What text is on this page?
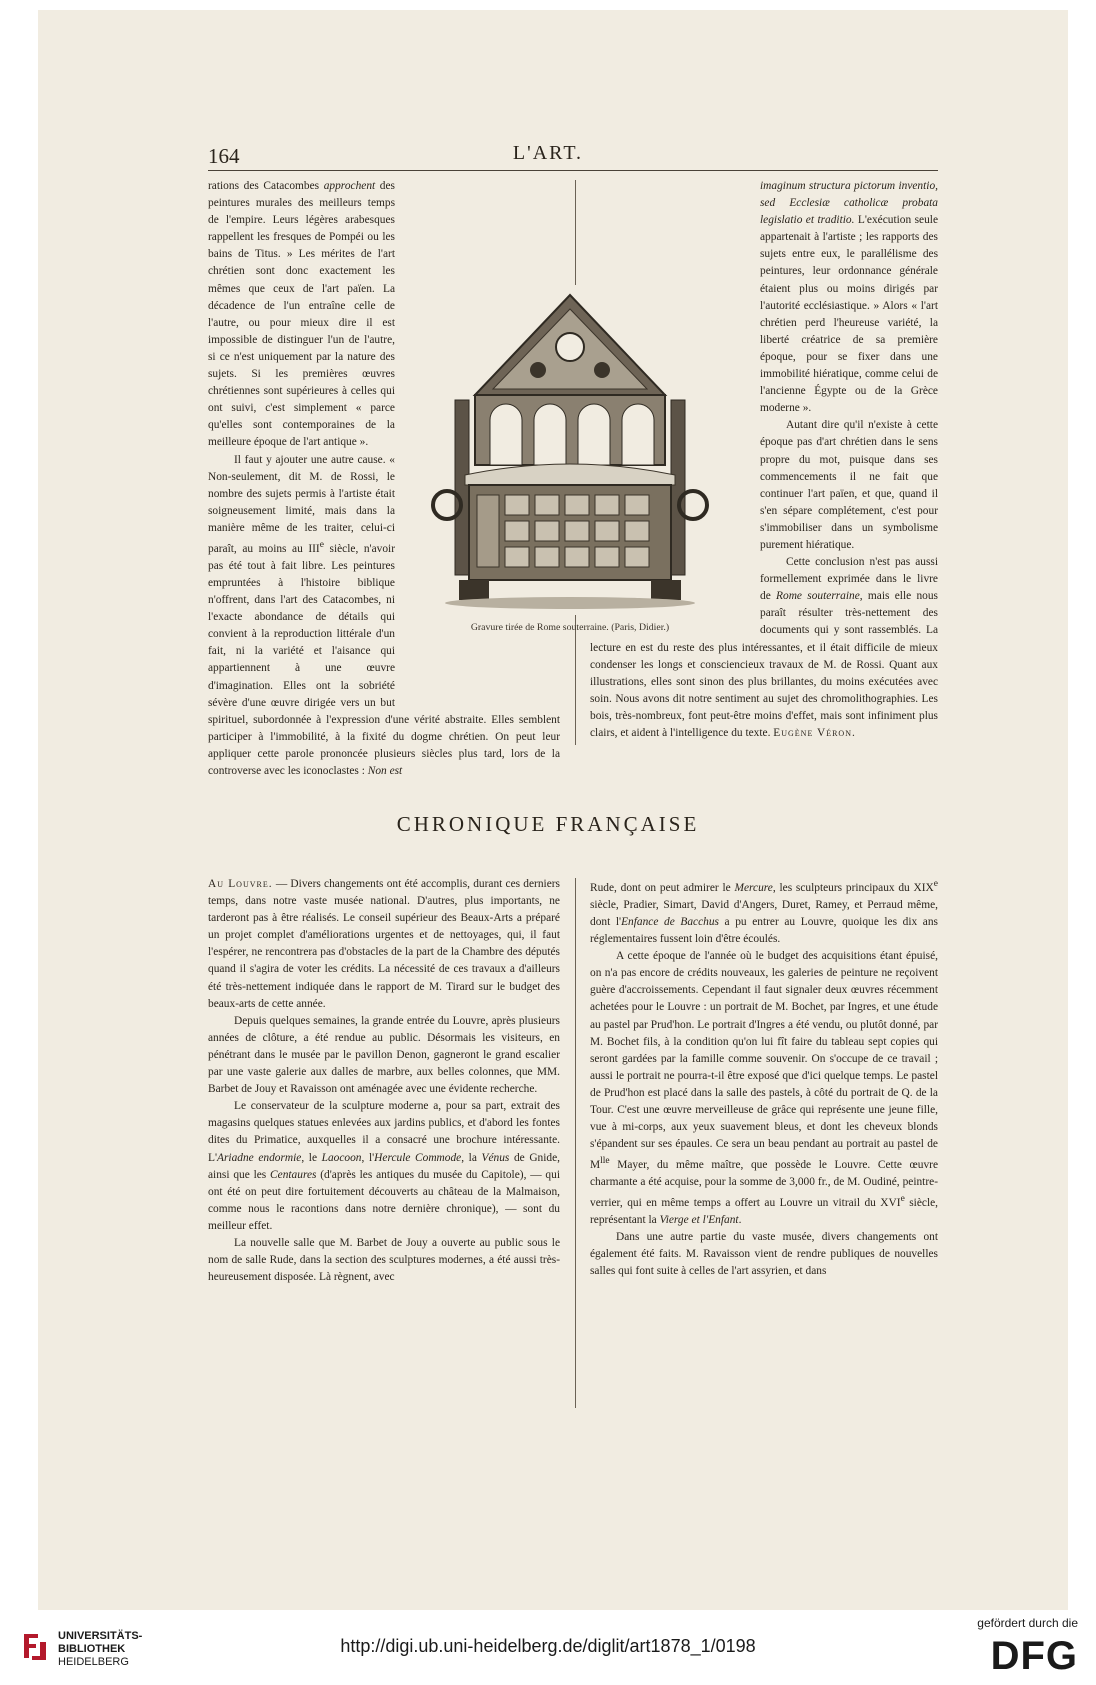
164	L'ART.

rations des Catacombes approchent des peintures murales des meilleurs temps de l'empire. Leurs légères arabesques rappellent les fresques de Pompéi ou les bains de Titus. » Les mérites de l'art chrétien sont donc exactement les mêmes que ceux de l'art païen. La décadence de l'un entraîne celle de l'autre, ou pour mieux dire il est impossible de distinguer l'un de l'autre, si ce n'est uniquement par la nature des sujets. Si les premières œuvres chrétiennes sont supérieures à celles qui ont suivi, c'est simplement « parce qu'elles sont contemporaines de la meilleure époque de l'art antique ».

Il faut y ajouter une autre cause. « Non-seulement, dit M. de Rossi, le nombre des sujets permis à l'artiste était soigneusement limité, mais dans la manière même de les traiter, celui-ci paraît, au moins au IIIe siècle, n'avoir pas été tout à fait libre. Les peintures empruntées à l'histoire biblique n'offrent, dans l'art des Catacombes, ni l'exacte abondance de détails qui convient à la reproduction littérale d'un fait, ni la variété et l'aisance qui appartiennent à une œuvre d'imagination. Elles ont la sobriété sévère d'une œuvre dirigée vers un but spirituel, subordonnée à l'expression d'une vérité abstraite. Elles semblent participer à l'immobilité, à la fixité du dogme chrétien. On peut leur appliquer cette parole prononcée plusieurs siècles plus tard, lors de la controverse avec les iconoclastes : Non est

imaginum structura pictorum inventio, sed Ecclesiæ catholicæ probata legislatio et traditio. L'exécution seule appartenait à l'artiste ; les rapports des sujets entre eux, le parallélisme des peintures, leur ordonnance générale étaient plus ou moins dirigés par l'autorité ecclésiastique. » Alors « l'art chrétien perd l'heureuse variété, la liberté créatrice de sa première époque, pour se fixer dans une immobilité hiératique, comme celui de l'ancienne Égypte ou de la Grèce moderne ».

Autant dire qu'il n'existe à cette époque pas d'art chrétien dans le sens propre du mot, puisque dans ses commencements il ne fait que continuer l'art païen, et que, quand il s'en sépare complétement, c'est pour s'immobiliser dans un symbolisme purement hiératique.

Cette conclusion n'est pas aussi formellement exprimée dans le livre de Rome souterraine, mais elle nous paraît résulter très-nettement des documents qui y sont rassemblés. La lecture en est du reste des plus intéressantes, et il était difficile de mieux condenser les longs et consciencieux travaux de M. de Rossi. Quant aux illustrations, elles sont sinon des plus brillantes, du moins exécutées avec soin. Nous avons dit notre sentiment au sujet des chromolithographies. Les bois, très-nombreux, font peut-être moins d'effet, mais sont infiniment plus clairs, et aident à l'intelligence du texte. Eugène Véron.

Gravure tirée de Rome souterraine. (Paris, Didier.)
CHRONIQUE FRANÇAISE

Au Louvre. — Divers changements ont été accomplis, durant ces derniers temps, dans notre vaste musée national. D'autres, plus importants, ne tarderont pas à être réalisés. Le conseil supérieur des Beaux-Arts a préparé un projet complet d'améliorations urgentes et de nettoyages, qui, il faut l'espérer, ne rencontrera pas d'obstacles de la part de la Chambre des députés quand il s'agira de voter les crédits. La nécessité de ces travaux a d'ailleurs été très-nettement indiquée dans le rapport de M. Tirard sur le budget des beaux-arts de cette année.

Depuis quelques semaines, la grande entrée du Louvre, après plusieurs années de clôture, a été rendue au public. Désormais les visiteurs, en pénétrant dans le musée par le pavillon Denon, gagneront le grand escalier par une vaste galerie aux dalles de marbre, aux belles colonnes, que MM. Barbet de Jouy et Ravaisson ont aménagée avec une évidente recherche.

Le conservateur de la sculpture moderne a, pour sa part, extrait des magasins quelques statues enlevées aux jardins publics, et d'abord les fontes dites du Primatice, auxquelles il a consacré une brochure intéressante. L'Ariadne endormie, le Laocoon, l'Hercule Commode, la Vénus de Gnide, ainsi que les Centaures (d'après les antiques du musée du Capitole), — qui ont été on peut dire fortuitement découverts au château de la Malmaison, comme nous le racontions dans notre dernière chronique), — sont du meilleur effet.

La nouvelle salle que M. Barbet de Jouy a ouverte au public sous le nom de salle Rude, dans la section des sculptures modernes, a été aussi très-heureusement disposée. Là règnent, avec

Rude, dont on peut admirer le Mercure, les sculpteurs principaux du XIXe siècle, Pradier, Simart, David d'Angers, Duret, Ramey, et Perraud même, dont l'Enfance de Bacchus a pu entrer au Louvre, quoique les dix ans réglementaires fussent loin d'être écoulés.

A cette époque de l'année où le budget des acquisitions étant épuisé, on n'a pas encore de crédits nouveaux, les galeries de peinture ne reçoivent guère d'accroissements. Cependant il faut signaler deux œuvres récemment achetées pour le Louvre : un portrait de M. Bochet, par Ingres, et une étude au pastel par Prud'hon. Le portrait d'Ingres a été vendu, ou plutôt donné, par M. Bochet fils, à la condition qu'on lui fît faire du tableau sept copies qui seront gardées par la famille comme souvenir. On s'occupe de ce travail ; aussi le portrait ne pourra-t-il être exposé que d'ici quelque temps. Le pastel de Prud'hon est placé dans la salle des pastels, à côté du portrait de Q. de la Tour. C'est une œuvre merveilleuse de grâce qui représente une jeune fille, vue à mi-corps, aux yeux suavement bleus, et dont les cheveux blonds s'épandent sur ses épaules. Ce sera un beau pendant au portrait au pastel de $M^{lle}$ Mayer, du même maître, que possède le Louvre. Cette œuvre charmante a été acquise, pour la somme de 3,000 fr., de M. Oudiné, peintre-verrier, qui en même temps a offert au Louvre un vitrail du XVIe siècle, représentant la Vierge et l'Enfant.

Dans une autre partie du vaste musée, divers changements ont également été faits. M. Ravaisson vient de rendre publiques de nouvelles salles qui font suite à celles de l'art assyrien, et dans

UNIVERSITÄTS-
BIBLIOTHEK
HEIDELBERG
http://digi.ub.uni-heidelberg.de/diglit/art1878_1/0198
gefördert durch die
DFG
